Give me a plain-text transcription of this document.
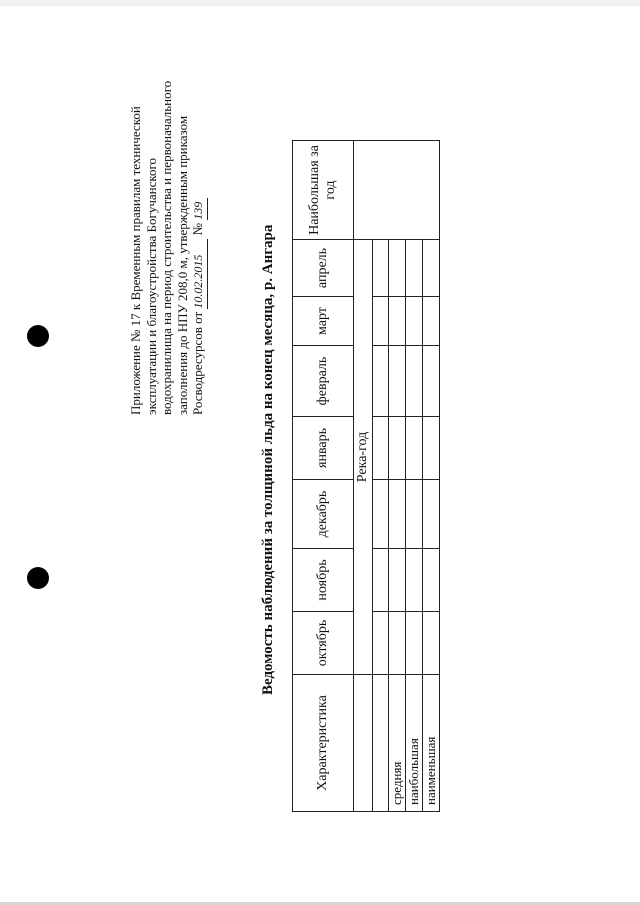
Приложение № 17 к Временным правилам технической эксплуатации и благоустройства Богучанского водохранилища на период строительства и первоначального заполнения до НПУ 208,0 м, утвержденным приказом Росводресурсов от 10.02.2015 № 139
Ведомость наблюдений за толщиной льда на конец месяца, р. Ангара
Характеристика	октябрь	ноябрь	декабрь	январь	февраль	март	апрель	Наибольшая за год
	Река-год							

средняя								
наибольшая								
наименьшая								
